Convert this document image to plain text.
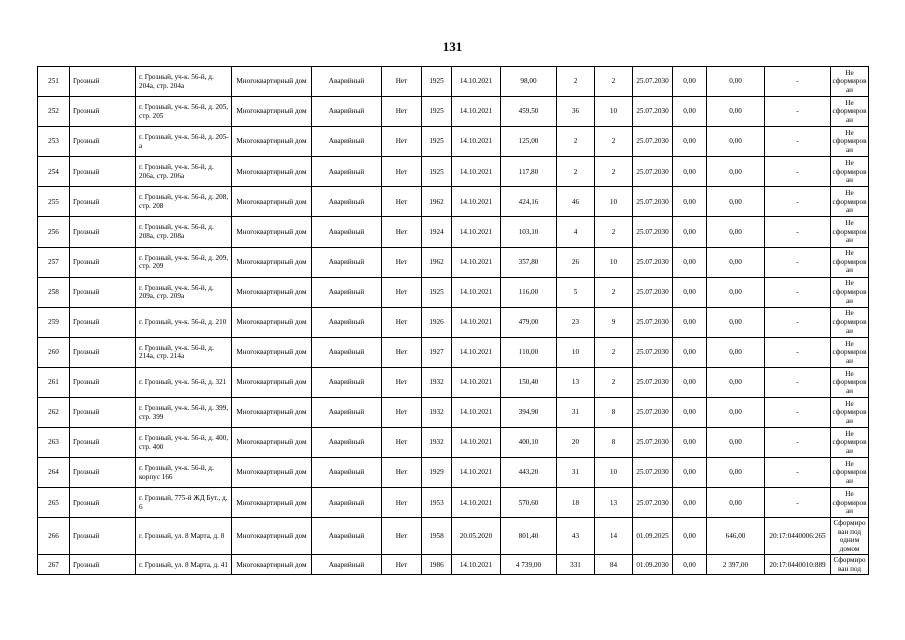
131
251	Грозный	г. Грозный, уч-к. 56-й, д. 204а, стр. 204а	Многоквартирный дом	Аварийный	Нет	1925	14.10.2021	98,00	2	2	25.07.2030	0,00	0,00	-	Не сформирован
252	Грозный	г. Грозный, уч-к. 56-й, д. 205, стр. 205	Многоквартирный дом	Аварийный	Нет	1925	14.10.2021	459,50	36	10	25.07.2030	0,00	0,00	-	Не сформирован
253	Грозный	г. Грозный, уч-к. 56-й, д. 205-а	Многоквартирный дом	Аварийный	Нет	1925	14.10.2021	125,00	2	2	25.07.2030	0,00	0,00	-	Не сформирован
254	Грозный	г. Грозный, уч-к. 56-й, д. 206а, стр. 206а	Многоквартирный дом	Аварийный	Нет	1925	14.10.2021	117,80	2	2	25.07.2030	0,00	0,00	-	Не сформирован
255	Грозный	г. Грозный, уч-к. 56-й, д. 208, стр. 208	Многоквартирный дом	Аварийный	Нет	1962	14.10.2021	424,16	46	10	25.07.2030	0,00	0,00	-	Не сформирован
256	Грозный	г. Грозный, уч-к. 56-й, д. 208а, стр. 208а	Многоквартирный дом	Аварийный	Нет	1924	14.10.2021	103,10	4	2	25.07.2030	0,00	0,00	-	Не сформирован
257	Грозный	г. Грозный, уч-к. 56-й, д. 209, стр. 209	Многоквартирный дом	Аварийный	Нет	1962	14.10.2021	357,80	26	10	25.07.2030	0,00	0,00	-	Не сформирован
258	Грозный	г. Грозный, уч-к. 56-й, д. 209а, стр. 209а	Многоквартирный дом	Аварийный	Нет	1925	14.10.2021	116,00	5	2	25.07.2030	0,00	0,00	-	Не сформирован
259	Грозный	г. Грозный, уч-к. 56-й, д. 210	Многоквартирный дом	Аварийный	Нет	1926	14.10.2021	479,00	23	9	25.07.2030	0,00	0,00	-	Не сформирован
260	Грозный	г. Грозный, уч-к. 56-й, д. 214а, стр. 214а	Многоквартирный дом	Аварийный	Нет	1927	14.10.2021	110,00	10	2	25.07.2030	0,00	0,00	-	Не сформирован
261	Грозный	г. Грозный, уч-к. 56-й, д. 321	Многоквартирный дом	Аварийный	Нет	1932	14.10.2021	150,40	13	2	25.07.2030	0,00	0,00	-	Не сформирован
262	Грозный	г. Грозный, уч-к. 56-й, д. 399, стр. 399	Многоквартирный дом	Аварийный	Нет	1932	14.10.2021	394,90	31	8	25.07.2030	0,00	0,00	-	Не сформирован
263	Грозный	г. Грозный, уч-к. 56-й, д. 400, стр. 400	Многоквартирный дом	Аварийный	Нет	1932	14.10.2021	400,10	20	8	25.07.2030	0,00	0,00	-	Не сформирован
264	Грозный	г. Грозный, уч-к. 56-й, д. корпус 166	Многоквартирный дом	Аварийный	Нет	1929	14.10.2021	443,20	31	10	25.07.2030	0,00	0,00	-	Не сформирован
265	Грозный	г. Грозный, 775-й ЖД Бут., д. 6	Многоквартирный дом	Аварийный	Нет	1953	14.10.2021	570,60	18	13	25.07.2030	0,00	0,00	-	Не сформирован
266	Грозный	г. Грозный, ул. 8 Марта, д. 8	Многоквартирный дом	Аварийный	Нет	1958	20.05.2020	801,40	43	14	01.09.2025	0,00	646,00	20:17:0440006:265	Сформирован под одним домом
267	Грозный	г. Грозный, ул. 8 Марта, д. 41	Многоквартирный дом	Аварийный	Нет	1986	14.10.2021	4 739,00	331	84	01.09.2030	0,00	2 397,00	20:17:0440010:889	Сформирован под
